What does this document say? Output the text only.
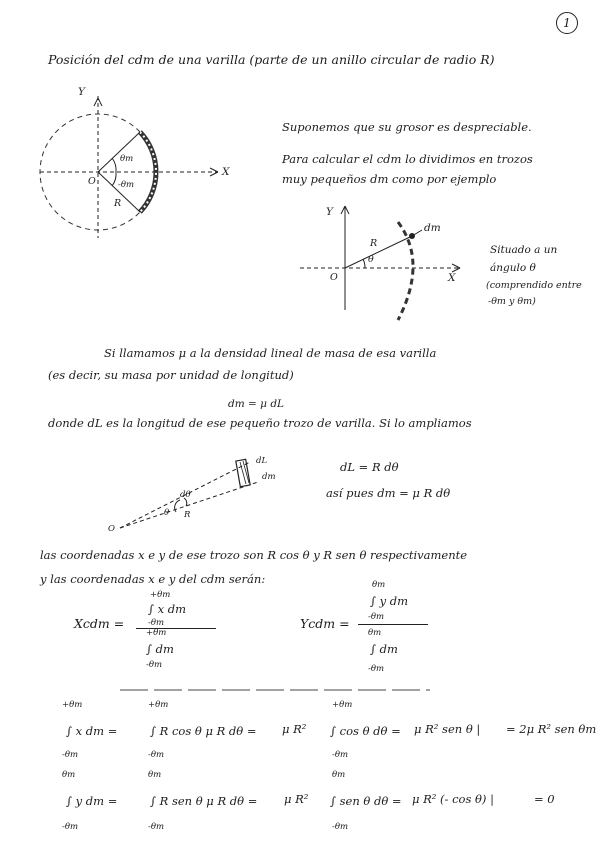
1
Posición del cdm de una varilla (parte de un anillo circular de radio R)
Y
X
O
θm
-θm
R
Suponemos que su grosor es despreciable.
Para calcular el cdm lo dividimos en trozos
muy pequeños dm como por ejemplo
Y
X
O
dm
R
θ
Situado a un
ángulo θ
(comprendido entre
-θm y θm)
Si llamamos μ a la densidad lineal de masa de esa varilla
(es decir, su masa por unidad de longitud)
dm = μ dL
donde dL es la longitud de ese pequeño trozo de varilla. Si lo ampliamos
dL
dm
dθ
θ R
O
dL = R dθ
así pues dm = μ R dθ
las coordenadas x e y de ese trozo son R cos θ y R sen θ respectivamente
y las coordenadas x e y del cdm serán:
Xcdm =
+θm
∫ x dm
-θm
+θm
∫ dm
-θm
Ycdm =
θm
∫ y dm
-θm
θm
∫ dm
-θm
+θm
∫ x dm =
-θm
+θm
∫ R cos θ μ R dθ =
-θm
μ R²
+θm
∫ cos θ dθ =
-θm
μ R² sen θ | = 2μ R² sen θm
θm
∫ y dm =
-θm
θm
∫ R sen θ μ R dθ =
-θm
μ R²
θm
∫ sen θ dθ =
-θm
μ R² (- cos θ) |	= 0
